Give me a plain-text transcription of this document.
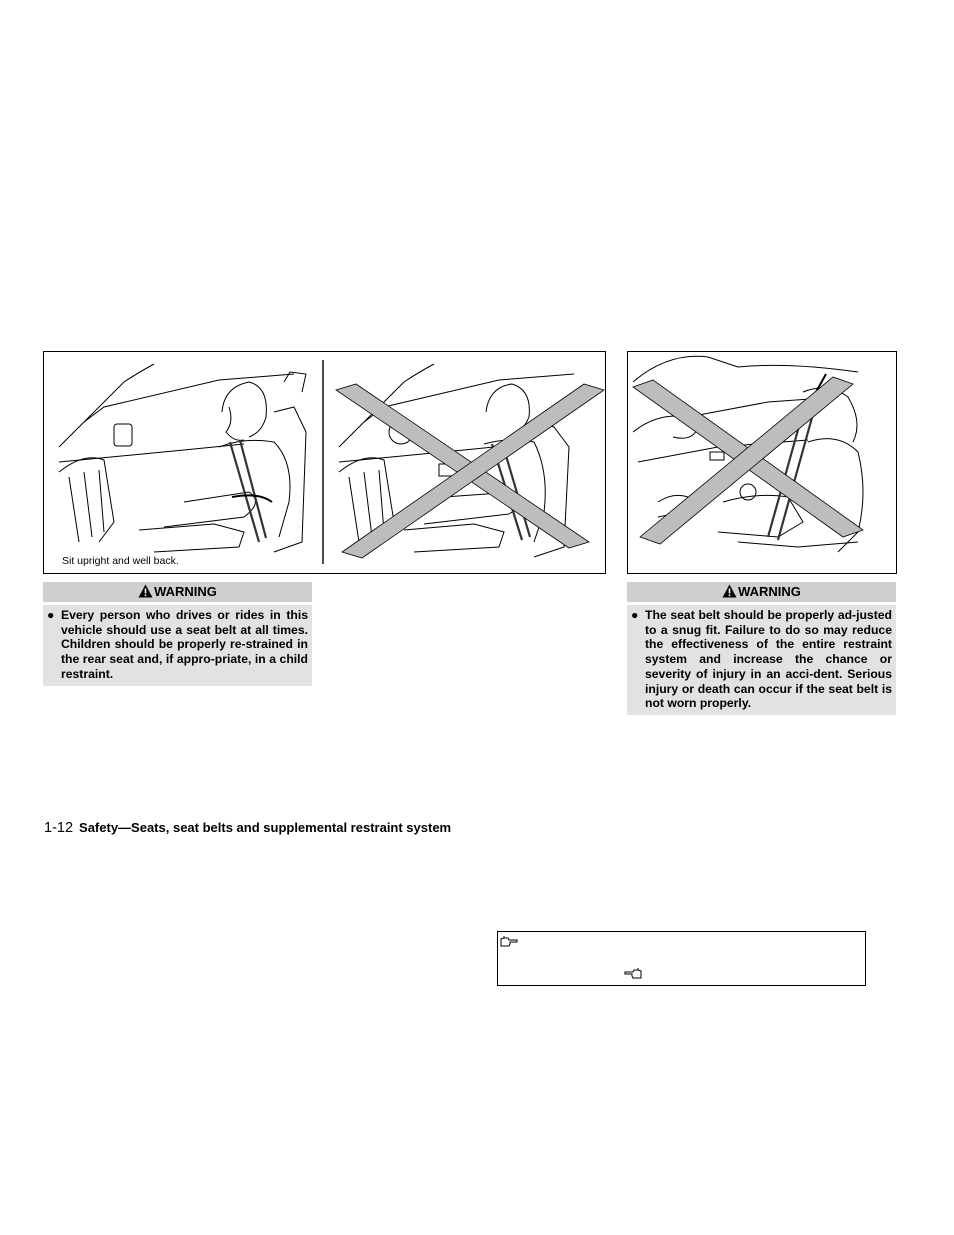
Sit upright and well back.
WARNING
● Every person who drives or rides in this vehicle should use a seat belt at all times. Children should be properly re-strained in the rear seat and, if appro-priate, in a child restraint.
WARNING
● The seat belt should be properly ad-justed to a snug fit. Failure to do so may reduce the effectiveness of the entire restraint system and increase the chance or severity of injury in an acci-dent. Serious injury or death can occur if the seat belt is not worn properly.
1-12 Safety—Seats, seat belts and supplemental restraint system
